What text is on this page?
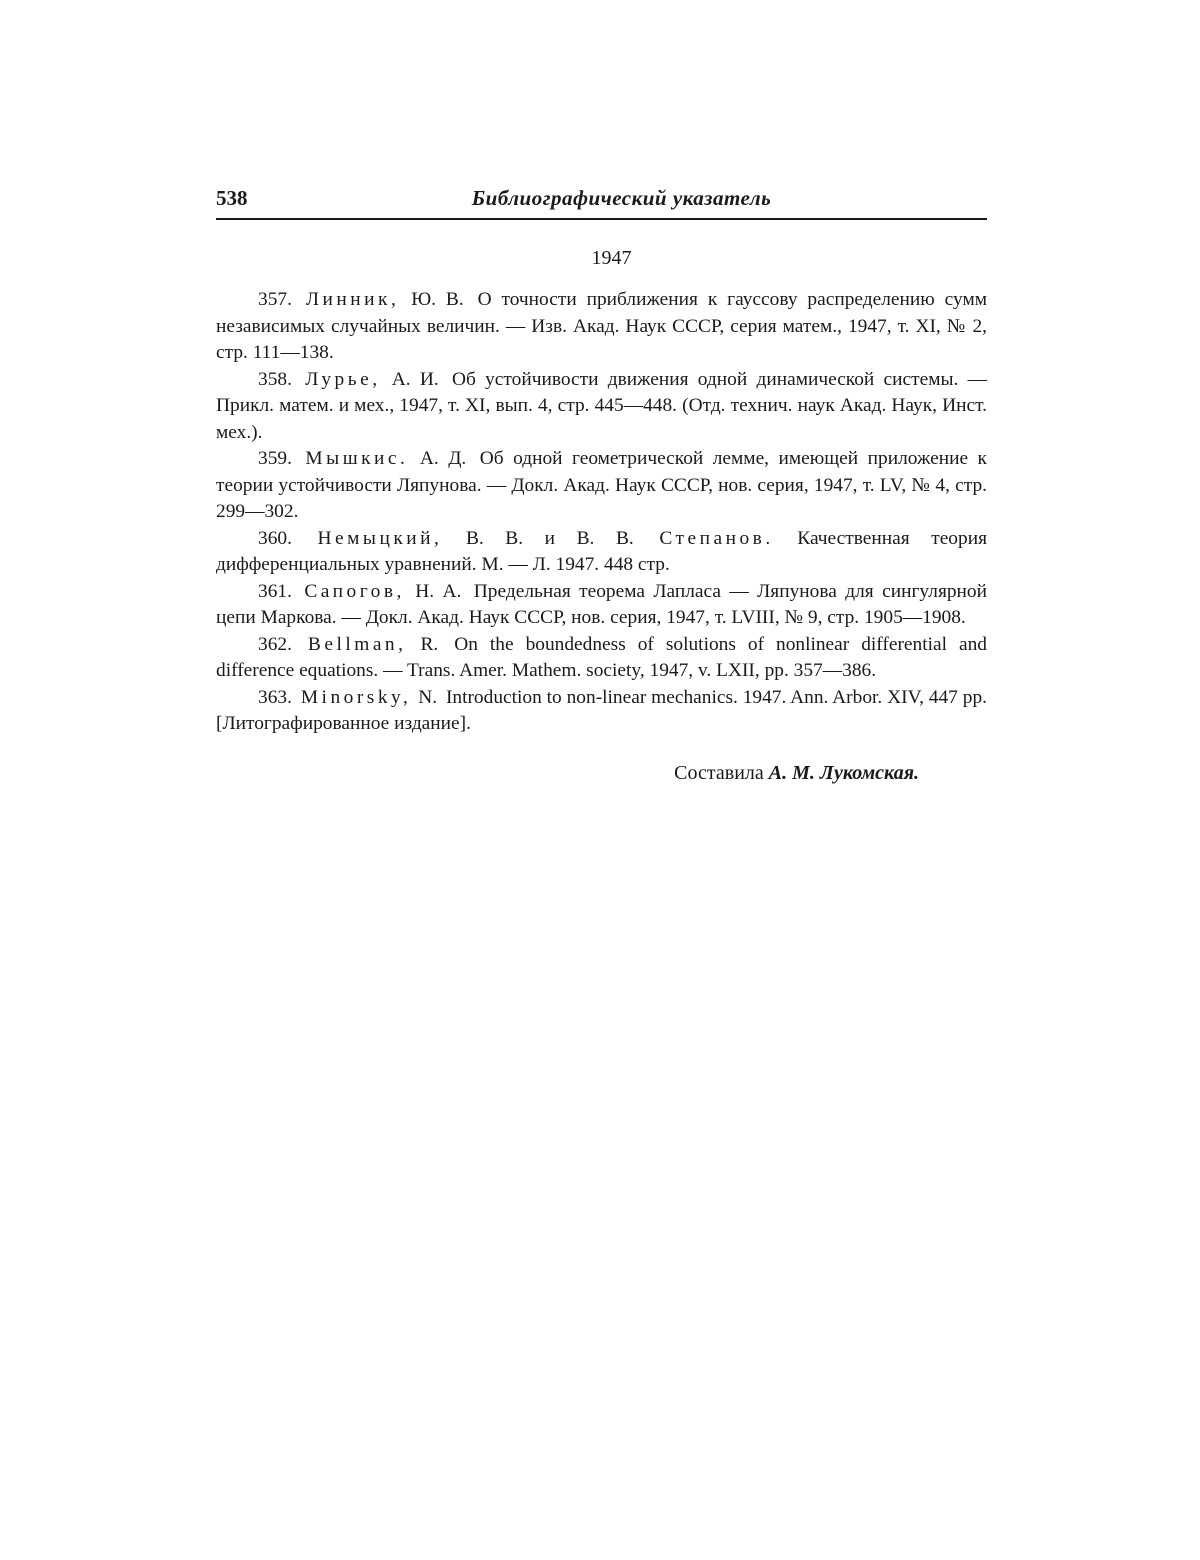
538	Библиографический указатель
1947

357. Линник, Ю. В. О точности приближения к гауссову распределению сумм независимых случайных величин. — Изв. Акад. Наук СССР, серия матем., 1947, т. XI, № 2, стр. 111—138.

358. Лурье, А. И. Об устойчивости движения одной динамической системы. — Прикл. матем. и мех., 1947, т. XI, вып. 4, стр. 445—448. (Отд. технич. наук Акад. Наук, Инст. мех.).

359. Мышкис. А. Д. Об одной геометрической лемме, имеющей приложение к теории устойчивости Ляпунова. — Докл. Акад. Наук СССР, нов. серия, 1947, т. LV, № 4, стр. 299—302.

360. Немыцкий, В. В. и В. В. Степанов. Качественная теория дифференциальных уравнений. М. — Л. 1947. 448 стр.

361. Сапогов, Н. А. Предельная теорема Лапласа — Ляпунова для сингулярной цепи Маркова. — Докл. Акад. Наук СССР, нов. серия, 1947, т. LVIII, № 9, стр. 1905—1908.

362. Bellman, R. On the boundedness of solutions of nonlinear differential and difference equations. — Trans. Amer. Mathem. society, 1947, v. LXII, pp. 357—386.

363. Minorsky, N. Introduction to non-linear mechanics. 1947. Ann. Arbor. XIV, 447 pp. [Литографированное издание].

Составила А. М. Лукомская.
